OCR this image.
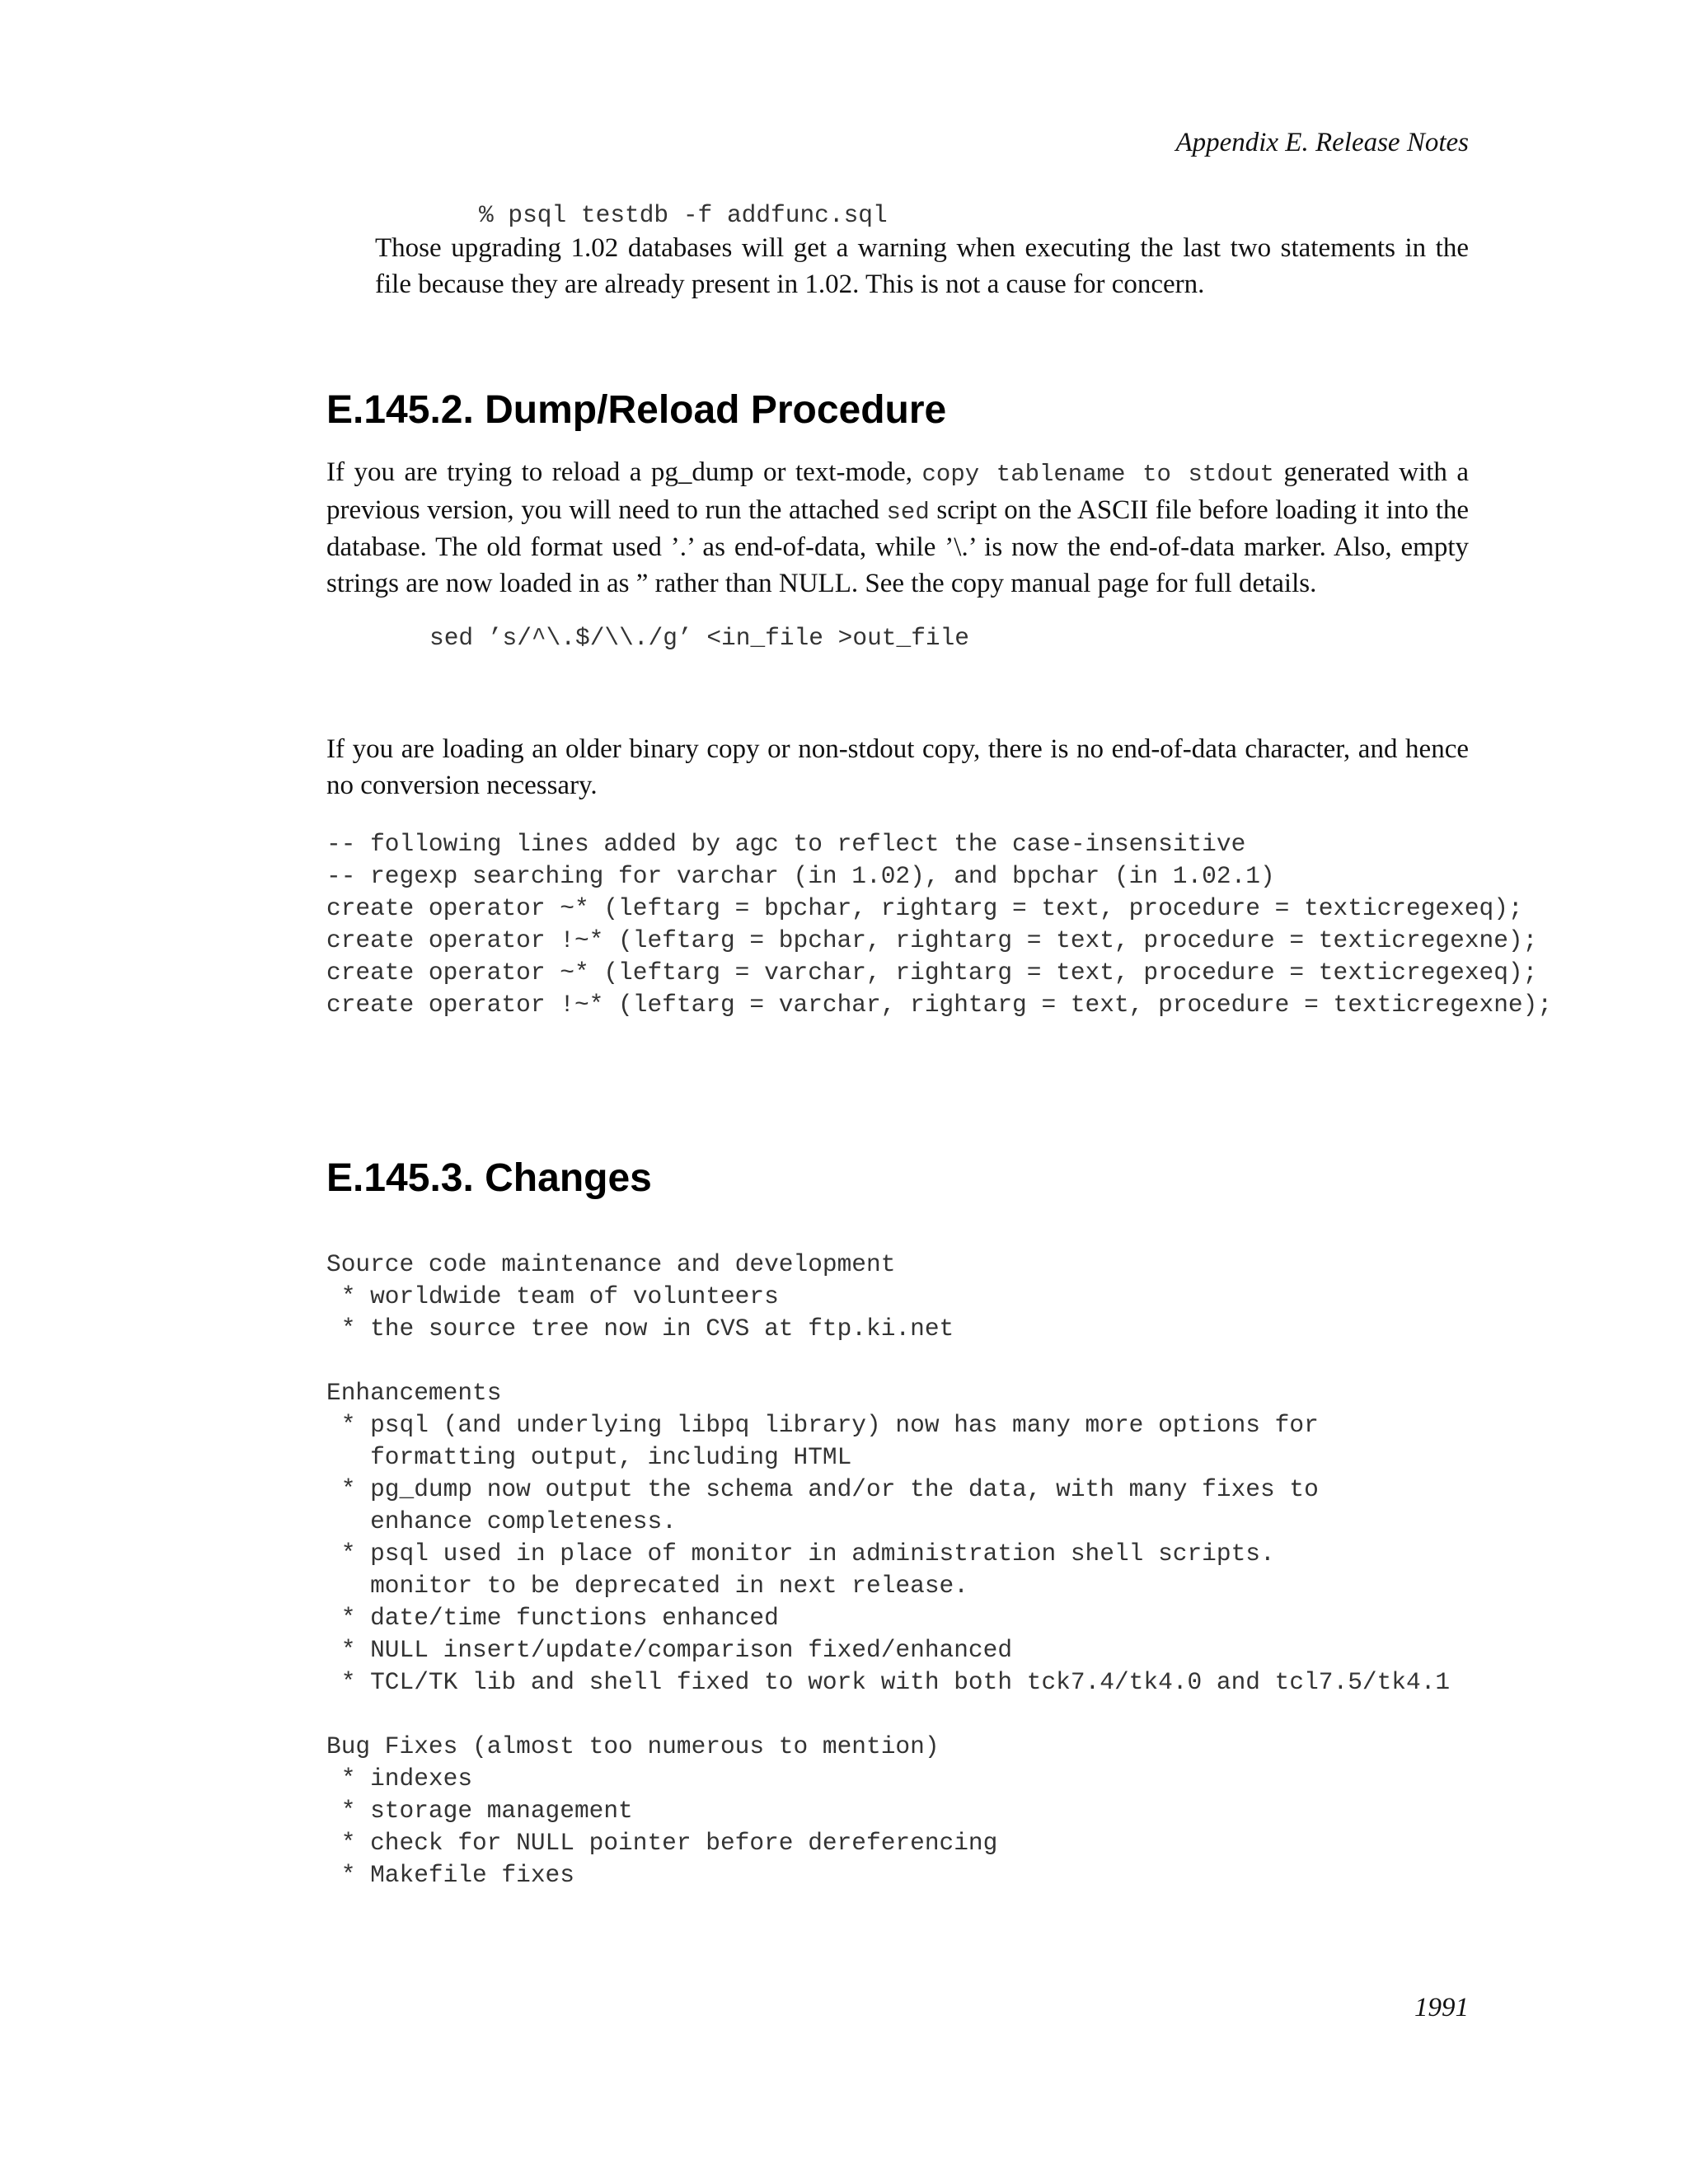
Appendix E. Release Notes
% psql testdb -f addfunc.sql
Those upgrading 1.02 databases will get a warning when executing the last two statements in the file because they are already present in 1.02. This is not a cause for concern.
E.145.2. Dump/Reload Procedure
If you are trying to reload a pg_dump or text-mode, copy tablename to stdout generated with a previous version, you will need to run the attached sed script on the ASCII file before loading it into the database. The old format used ’.’ as end-of-data, while ’\.’ is now the end-of-data marker. Also, empty strings are now loaded in as ” rather than NULL. See the copy manual page for full details.
sed ’s/^\.$/\\./g’ <in_file >out_file
If you are loading an older binary copy or non-stdout copy, there is no end-of-data character, and hence no conversion necessary.
-- following lines added by agc to reflect the case-insensitive
-- regexp searching for varchar (in 1.02), and bpchar (in 1.02.1)
create operator ~* (leftarg = bpchar, rightarg = text, procedure = texticregexeq);
create operator !~* (leftarg = bpchar, rightarg = text, procedure = texticregexne);
create operator ~* (leftarg = varchar, rightarg = text, procedure = texticregexeq);
create operator !~* (leftarg = varchar, rightarg = text, procedure = texticregexne);
E.145.3. Changes
Source code maintenance and development
* worldwide team of volunteers
* the source tree now in CVS at ftp.ki.net

Enhancements
* psql (and underlying libpq library) now has many more options for
formatting output, including HTML
* pg_dump now output the schema and/or the data, with many fixes to
enhance completeness.
* psql used in place of monitor in administration shell scripts.
monitor to be deprecated in next release.
* date/time functions enhanced
* NULL insert/update/comparison fixed/enhanced
* TCL/TK lib and shell fixed to work with both tck7.4/tk4.0 and tcl7.5/tk4.1

Bug Fixes (almost too numerous to mention)
* indexes
* storage management
* check for NULL pointer before dereferencing
* Makefile fixes
1991
